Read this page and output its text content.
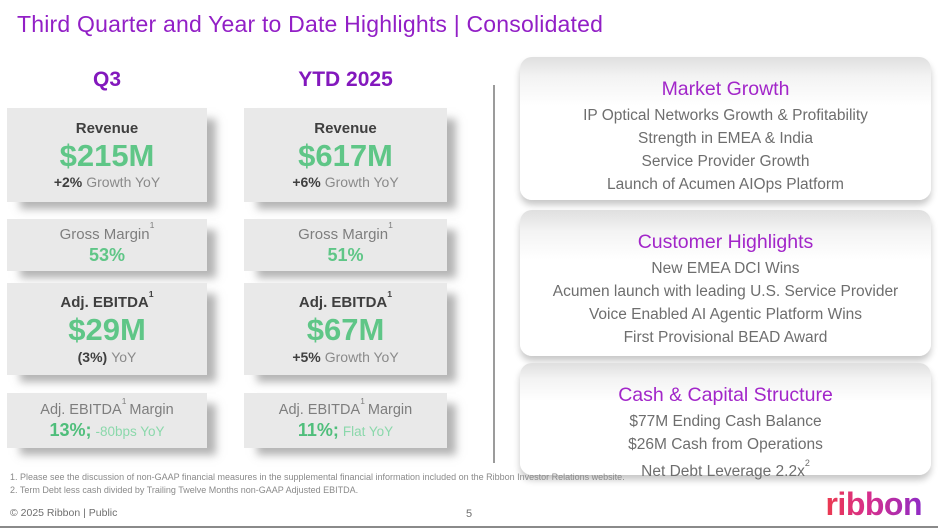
Third Quarter and Year to Date Highlights | Consolidated
Q3	YTD 2025
Revenue
$215M
+2% Growth YoY
Gross Margin$^1$
53%
Adj. EBITDA$^1$
$29M
(3%) YoY
Adj. EBITDA$^1$Margin
13%; -80bps YoY
Revenue
$617M
+6% Growth YoY
Gross Margin$^1$
51%
Adj. EBITDA$^1$
$67M
+5% Growth YoY
Adj. EBITDA$^1$Margin
11%; Flat YoY
Market Growth
IP Optical Networks Growth & Profitability
Strength in EMEA & India
Service Provider Growth
Launch of Acumen AIOps Platform
Customer Highlights
New EMEA DCI Wins
Acumen launch with leading U.S. Service Provider
Voice Enabled AI Agentic Platform Wins
First Provisional BEAD Award
Cash & Capital Structure
$77M Ending Cash Balance
$26M Cash from Operations
Net Debt Leverage $2.2x^2$
1. Please see the discussion of non-GAAP financial measures in the supplemental financial information included on the Ribbon Investor Relations website.
2. Term Debt less cash divided by Trailing Twelve Months non-GAAP Adjusted EBITDA.
© 2025 Ribbon | Public	5	ribbon
